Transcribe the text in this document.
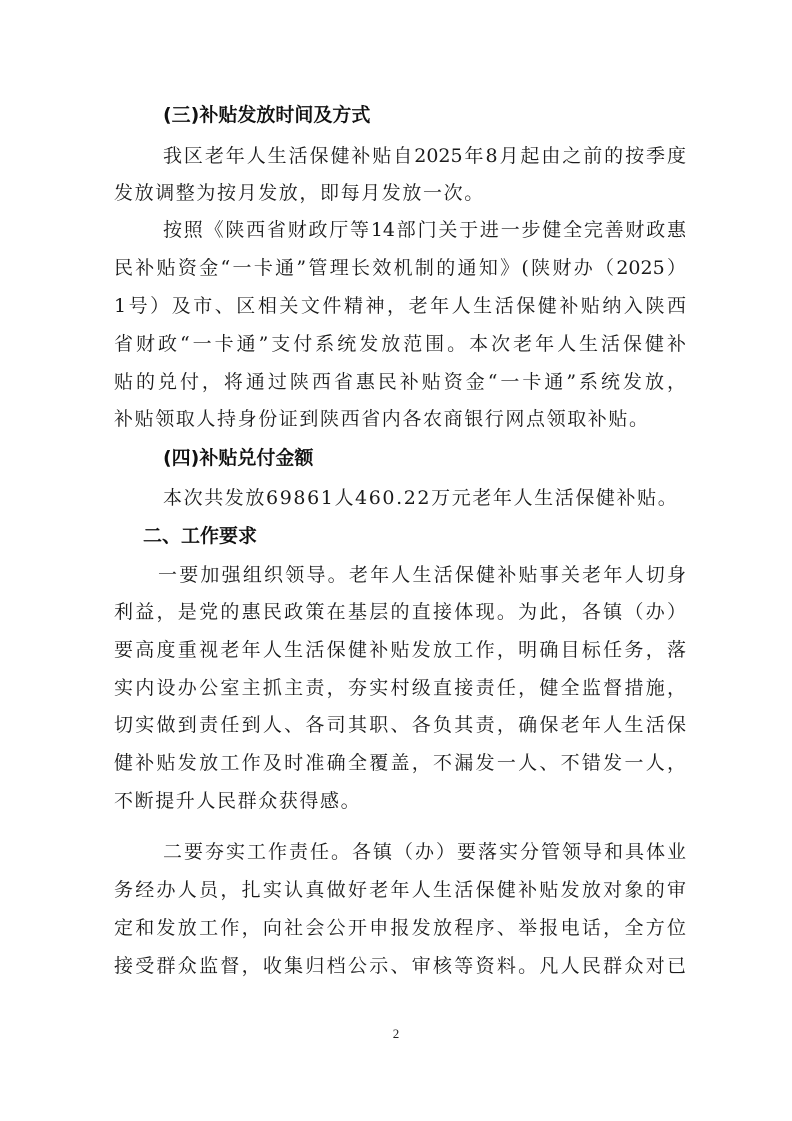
(三)补贴发放时间及方式
我区老年人生活保健补贴自2025年8月起由之前的按季度
发放调整为按月发放，即每月发放一次。
按照《陕西省财政厅等14部门关于进一步健全完善财政惠
民补贴资金“一卡通”管理长效机制的通知》(陕财办（2025）
1号）及市、区相关文件精神，老年人生活保健补贴纳入陕西
省财政“一卡通”支付系统发放范围。本次老年人生活保健补
贴的兑付，将通过陕西省惠民补贴资金“一卡通”系统发放，
补贴领取人持身份证到陕西省内各农商银行网点领取补贴。
(四)补贴兑付金额
本次共发放69861人460.22万元老年人生活保健补贴。
二、工作要求
一要加强组织领导。老年人生活保健补贴事关老年人切身
利益，是党的惠民政策在基层的直接体现。为此，各镇（办）
要高度重视老年人生活保健补贴发放工作，明确目标任务，落
实内设办公室主抓主责，夯实村级直接责任，健全监督措施，
切实做到责任到人、各司其职、各负其责，确保老年人生活保
健补贴发放工作及时准确全覆盖，不漏发一人、不错发一人，
不断提升人民群众获得感。
二要夯实工作责任。各镇（办）要落实分管领导和具体业
务经办人员，扎实认真做好老年人生活保健补贴发放对象的审
定和发放工作，向社会公开申报发放程序、举报电话，全方位
接受群众监督，收集归档公示、审核等资料。凡人民群众对已
2
